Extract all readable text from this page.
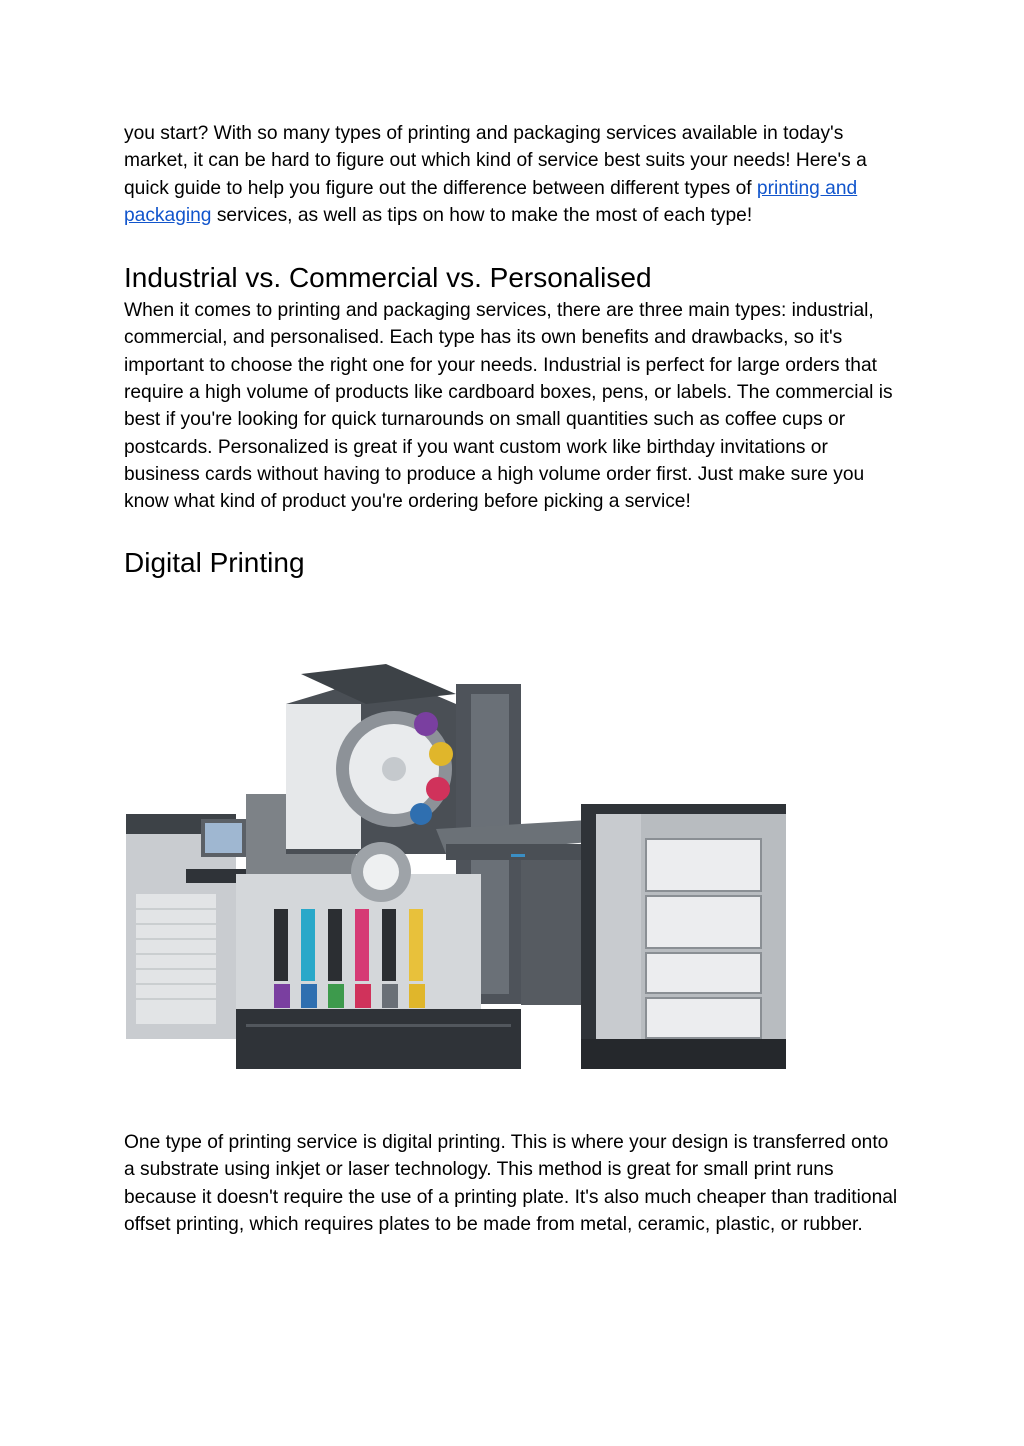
you start? With so many types of printing and packaging services available in today's market, it can be hard to figure out which kind of service best suits your needs! Here's a quick guide to help you figure out the difference between different types of printing and packaging services, as well as tips on how to make the most of each type!

Industrial vs. Commercial vs. Personalised

When it comes to printing and packaging services, there are three main types: industrial, commercial, and personalised. Each type has its own benefits and drawbacks, so it's important to choose the right one for your needs. Industrial is perfect for large orders that require a high volume of products like cardboard boxes, pens, or labels. The commercial is best if you're looking for quick turnarounds on small quantities such as coffee cups or postcards. Personalized is great if you want custom work like birthday invitations or business cards without having to produce a high volume order first. Just make sure you know what kind of product you're ordering before picking a service!

Digital Printing

One type of printing service is digital printing. This is where your design is transferred onto a substrate using inkjet or laser technology. This method is great for small print runs because it doesn't require the use of a printing plate. It's also much cheaper than traditional offset printing, which requires plates to be made from metal, ceramic, plastic, or rubber.
